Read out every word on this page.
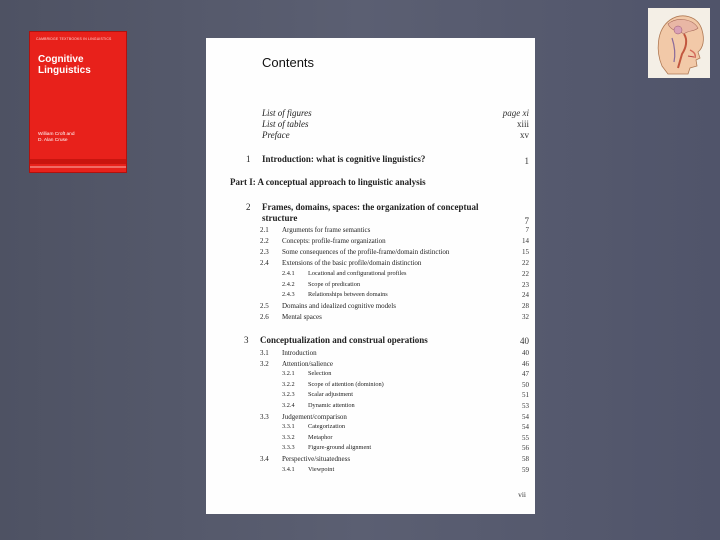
CAMBRIDGE TEXTBOOKS IN LINGUISTICS
Cognitive
Linguistics
William Croft and
D. Alan Cruse
Contents
List of figures	page xi
List of tables	xiii
Preface	xv
1 Introduction: what is cognitive linguistics?	1
Part I: A conceptual approach to linguistic analysis
2 Frames, domains, spaces: the organization of conceptual
structure	7
2.1 Arguments for frame semantics	7
2.2 Concepts: profile-frame organization	14
2.3 Some consequences of the profile-frame/domain distinction	15
2.4 Extensions of the basic profile/domain distinction	22
2.4.1 Locational and configurational profiles	22
2.4.2 Scope of predication	23
2.4.3 Relationships between domains	24
2.5 Domains and idealized cognitive models	28
2.6 Mental spaces	32
3 Conceptualization and construal operations	40
3.1 Introduction	40
3.2 Attention/salience	46
3.2.1 Selection	47
3.2.2 Scope of attention (dominion)	50
3.2.3 Scalar adjustment	51
3.2.4 Dynamic attention	53
3.3 Judgement/comparison	54
3.3.1 Categorization	54
3.3.2 Metaphor	55
3.3.3 Figure-ground alignment	56
3.4 Perspective/situatedness	58
3.4.1 Viewpoint	59
vii
